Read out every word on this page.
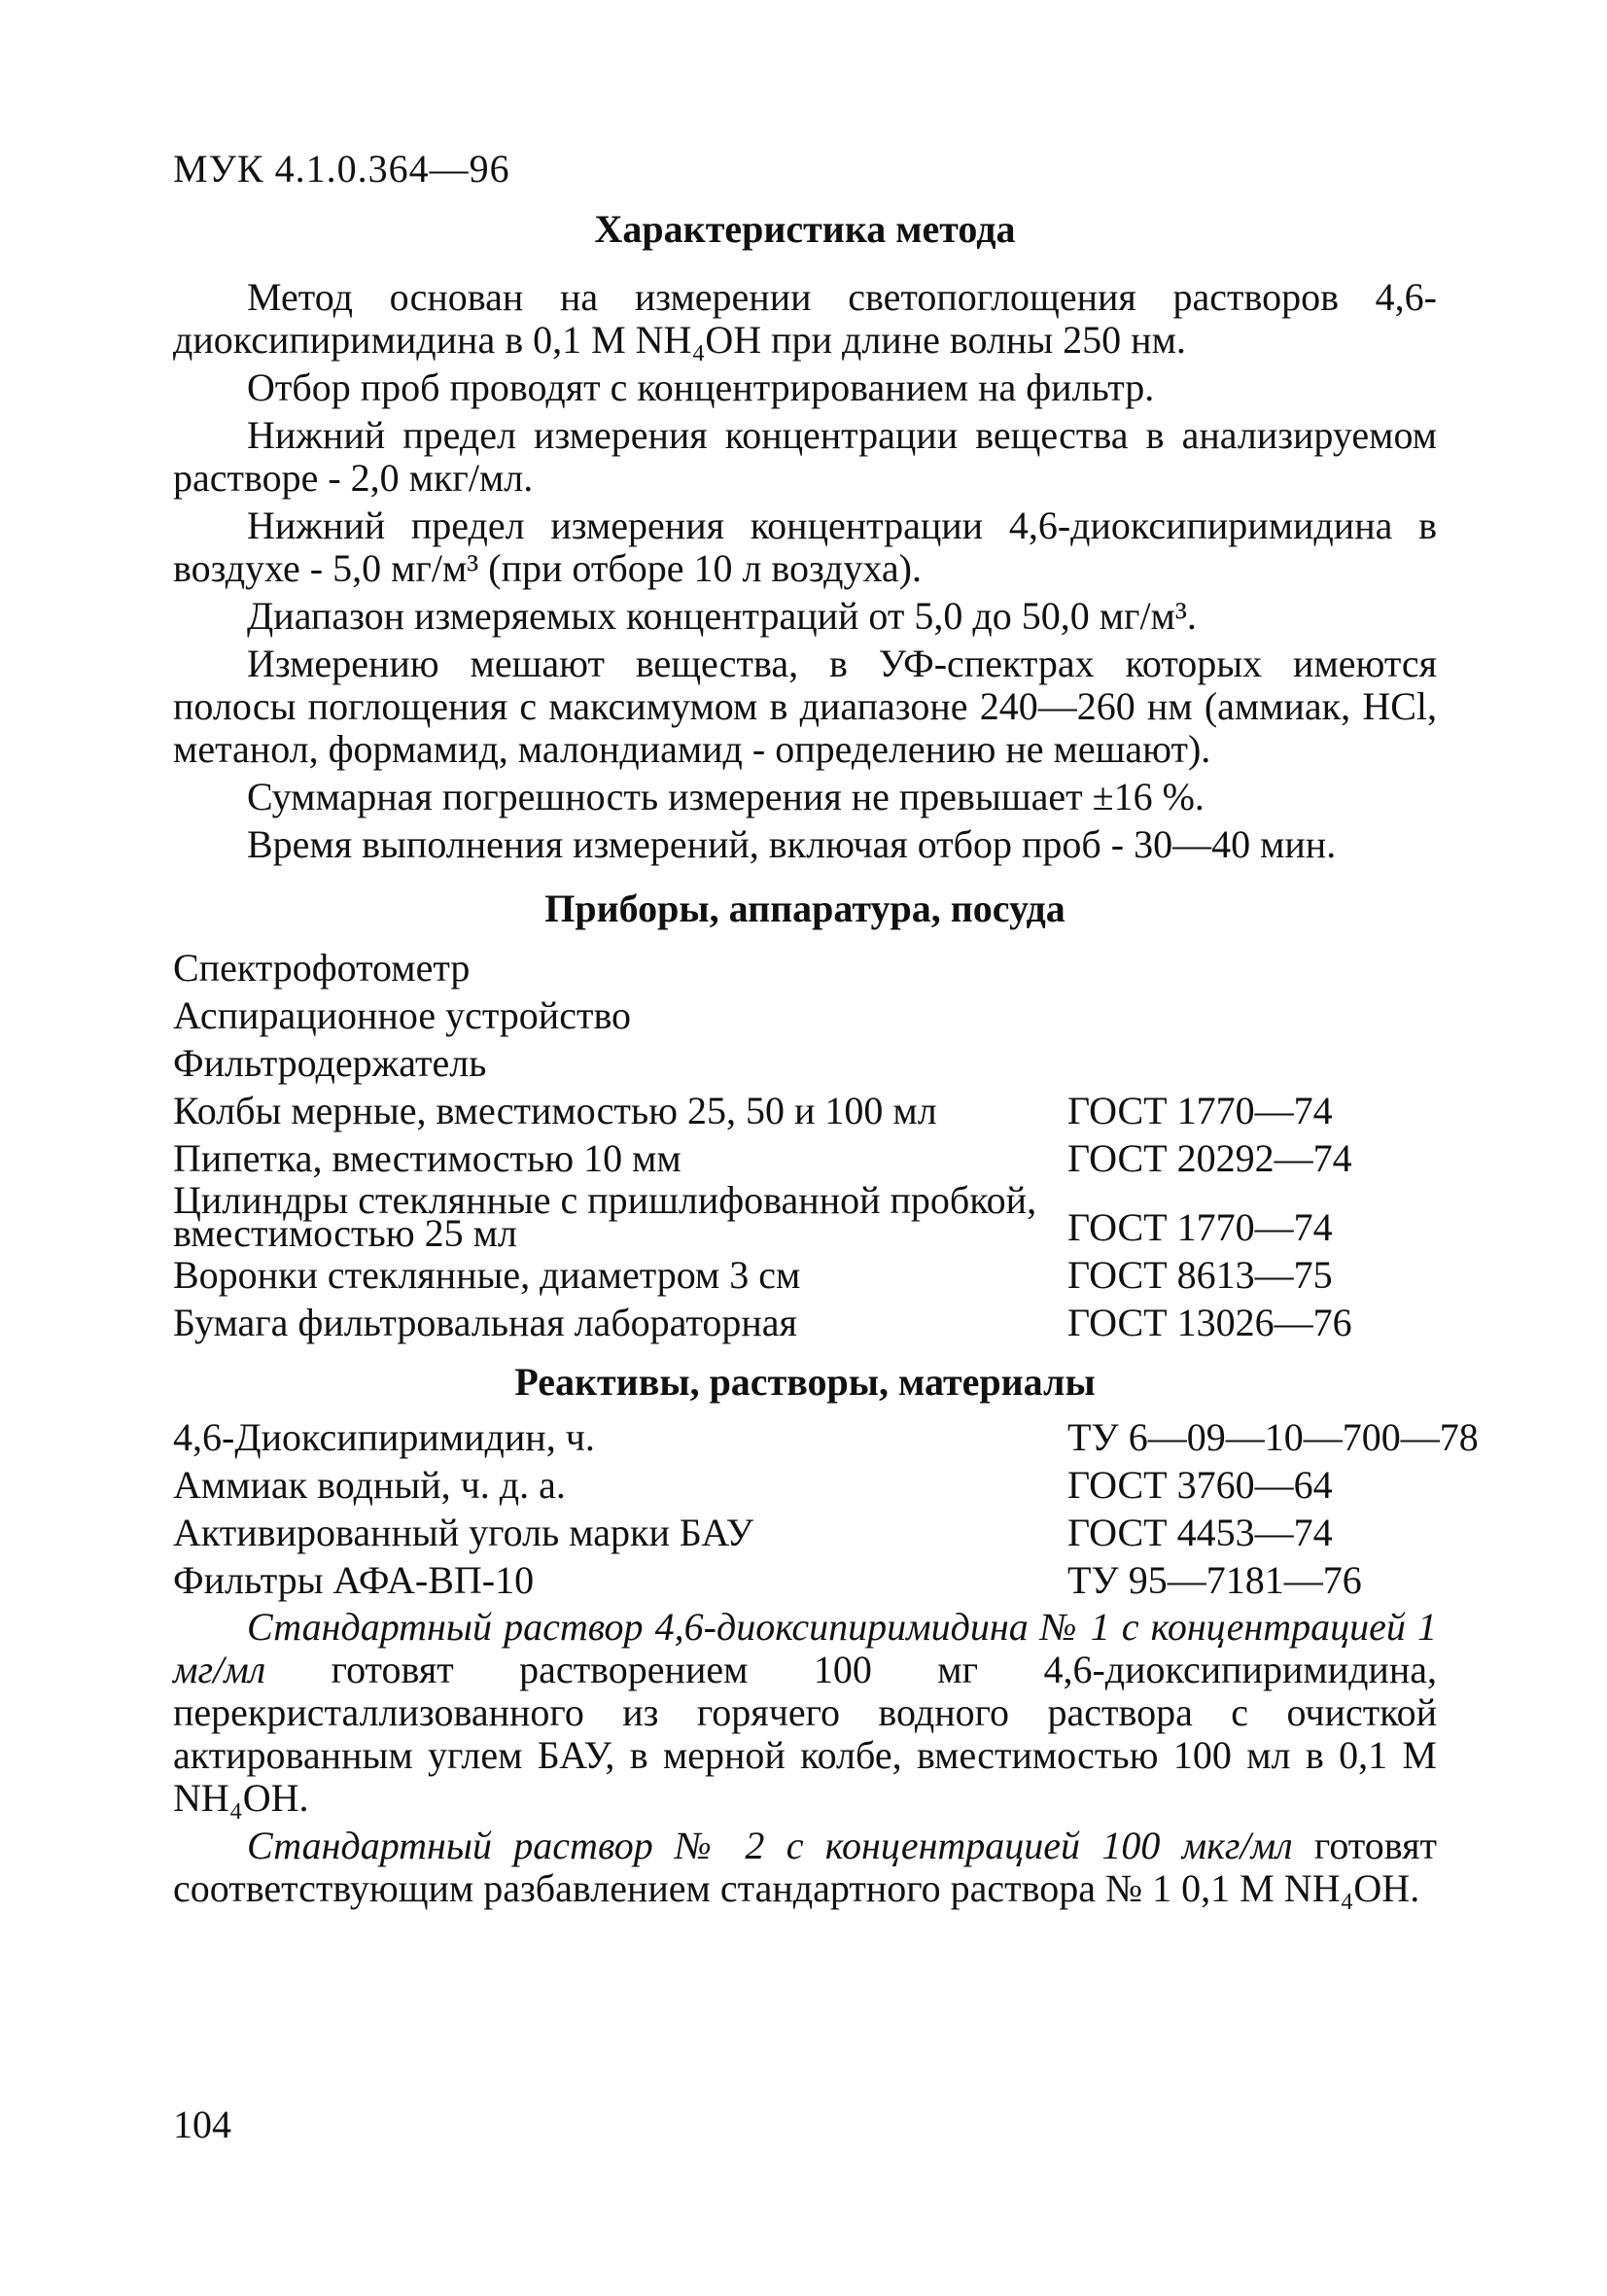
МУК 4.1.0.364—96
Характеристика метода

Метод основан на измерении светопоглощения растворов 4,6-диоксипиримидина в 0,1 М NH₄OH при длине волны 250 нм.

Отбор проб проводят с концентрированием на фильтр.

Нижний предел измерения концентрации вещества в анализируемом растворе - 2,0 мкг/мл.

Нижний предел измерения концентрации 4,6-диоксипиримидина в воздухе - 5,0 мг/м³ (при отборе 10 л воздуха).

Диапазон измеряемых концентраций от 5,0 до 50,0 мг/м³.

Измерению мешают вещества, в УФ-спектрах которых имеются полосы поглощения с максимумом в диапазоне 240—260 нм (аммиак, HCl, метанол, формамид, малондиамид - определению не мешают).

Суммарная погрешность измерения не превышает ±16 %.

Время выполнения измерений, включая отбор проб - 30—40 мин.

Приборы, аппаратура, посуда
Спектрофотометр
Аспирационное устройство
Фильтродержатель
Колбы мерные, вместимостью 25, 50 и 100 мл	ГОСТ 1770—74
Пипетка, вместимостью 10 мм	ГОСТ 20292—74
Цилиндры стеклянные с пришлифованной пробкой, вместимостью 25 мл	ГОСТ 1770—74
Воронки стеклянные, диаметром 3 см	ГОСТ 8613—75
Бумага фильтровальная лабораторная	ГОСТ 13026—76
Реактивы, растворы, материалы
4,6-Диоксипиримидин, ч.	ТУ 6—09—10—700—78
Аммиак водный, ч. д. а.	ГОСТ 3760—64
Активированный уголь марки БАУ	ГОСТ 4453—74
Фильтры АФА-ВП-10	ТУ 95—7181—76

Стандартный раствор 4,6-диоксипиримидина № 1 с концентрацией 1 мг/мл готовят растворением 100 мг 4,6-диоксипиримидина, перекристаллизованного из горячего водного раствора с очисткой актированным углем БАУ, в мерной колбе, вместимостью 100 мл в 0,1 М NH₄OH.

Стандартный раствор № 2 с концентрацией 100 мкг/мл готовят соответствующим разбавлением стандартного раствора № 1 0,1 М NH₄OH.

104
